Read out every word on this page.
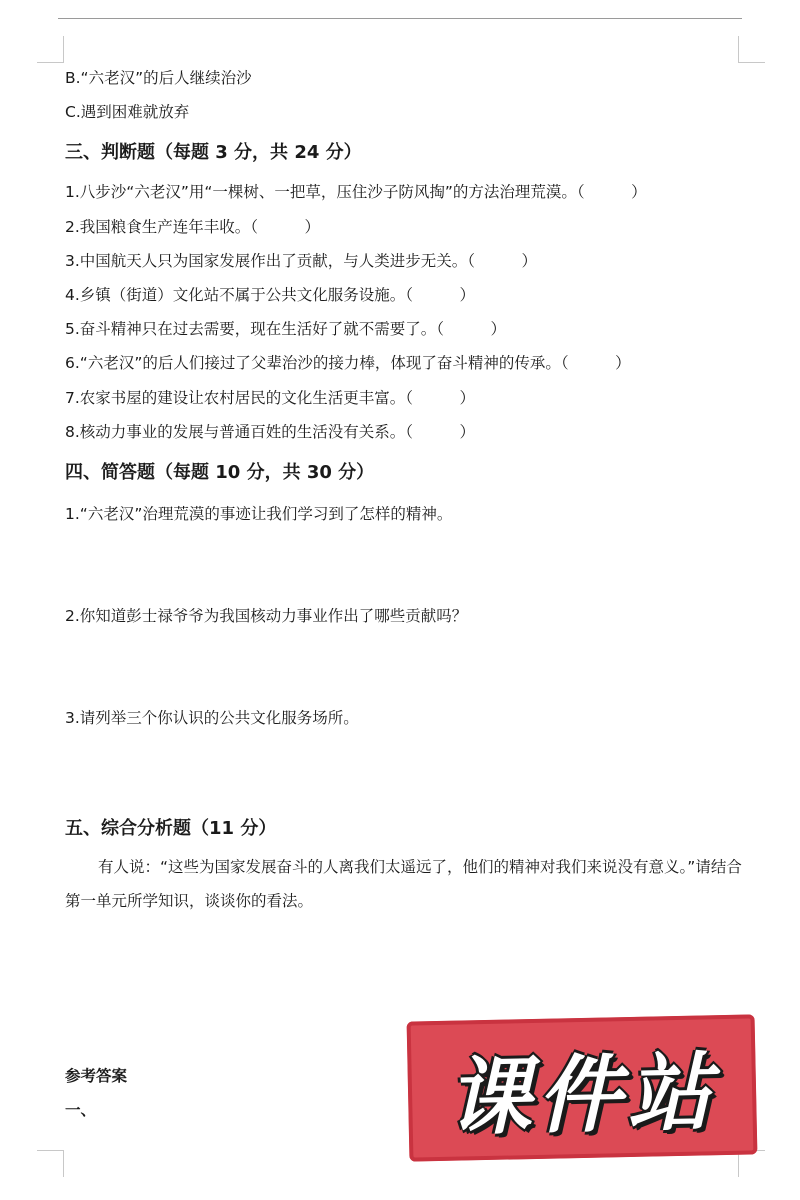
B.“六老汉”的后人继续治沙
C.遇到困难就放弃
三、判断题（每题 3 分，共 24 分）
1.八步沙“六老汉”用“一棵树、一把草，压住沙子防风掏”的方法治理荒漠。（　　　）
2.我国粮食生产连年丰收。（　　　）
3.中国航天人只为国家发展作出了贡献，与人类进步无关。（　　　）
4.乡镇（街道）文化站不属于公共文化服务设施。（　　　）
5.奋斗精神只在过去需要，现在生活好了就不需要了。（　　　）
6.“六老汉”的后人们接过了父辈治沙的接力棒，体现了奋斗精神的传承。（　　　）
7.农家书屋的建设让农村居民的文化生活更丰富。（　　　）
8.核动力事业的发展与普通百姓的生活没有关系。（　　　）
四、简答题（每题 10 分，共 30 分）
1.“六老汉”治理荒漠的事迹让我们学习到了怎样的精神。
2.你知道彭士禄爷爷为我国核动力事业作出了哪些贡献吗？
3.请列举三个你认识的公共文化服务场所。
五、综合分析题（11 分）
有人说：“这些为国家发展奋斗的人离我们太遥远了，他们的精神对我们来说没有意义。”请结合第一单元所学知识，谈谈你的看法。
参考答案
一、	课件站
